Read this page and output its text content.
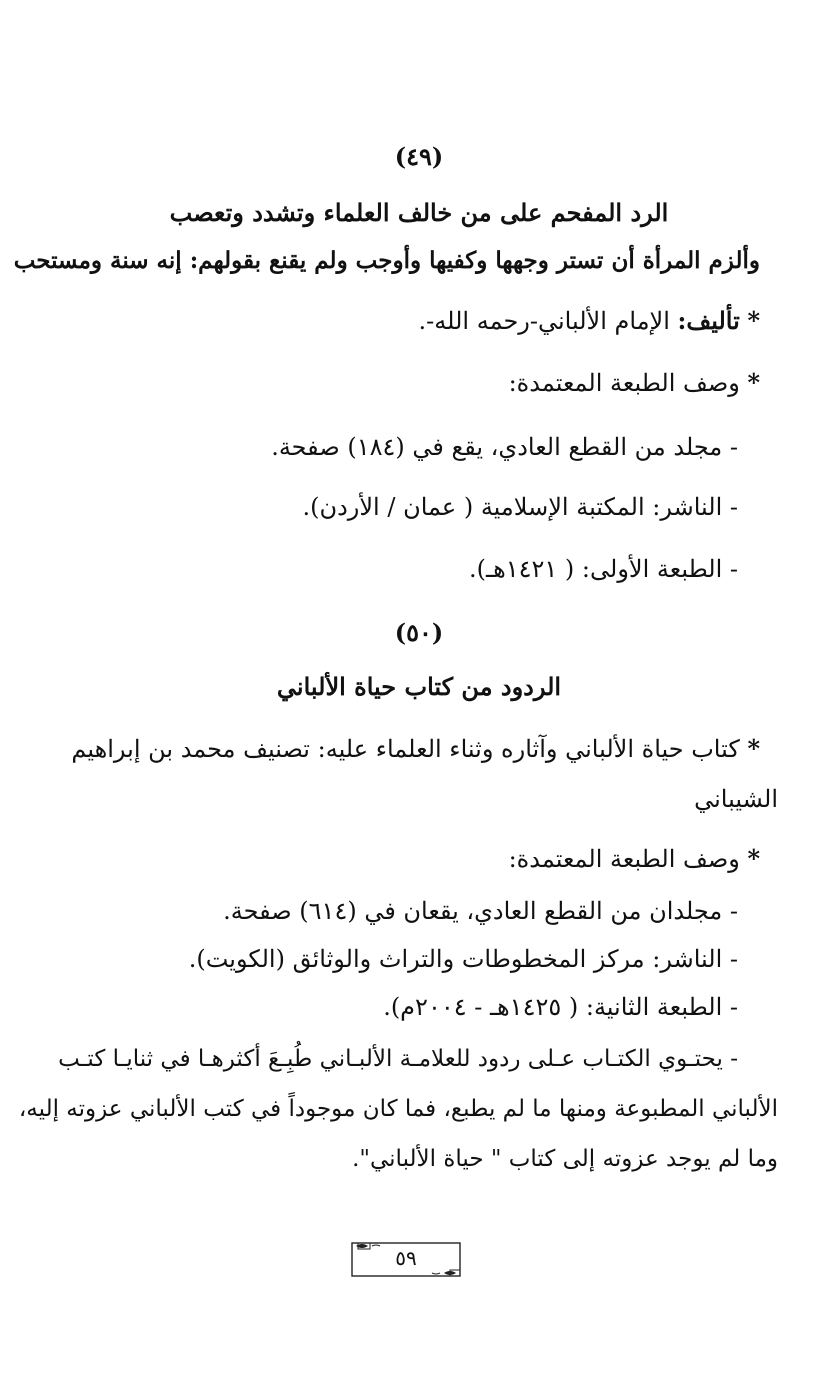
(٤٩)
الرد المفحم على من خالف العلماء وتشدد وتعصب
وألزم المرأة أن تستر وجهها وكفيها وأوجب ولم يقنع بقولهم: إنه سنة ومستحب
* تأليف: الإمام الألباني-رحمه الله-.
* وصف الطبعة المعتمدة:
- مجلد من القطع العادي، يقع في (١٨٤) صفحة.
- الناشر: المكتبة الإسلامية ( عمان / الأردن).
- الطبعة الأولى: ( ١٤٢١هـ).
(٥٠)
الردود من كتاب حياة الألباني
* كتاب حياة الألباني وآثاره وثناء العلماء عليه: تصنيف محمد بن إبراهيم
الشيباني
* وصف الطبعة المعتمدة:
- مجلدان من القطع العادي، يقعان في (٦١٤) صفحة.
- الناشر: مركز المخطوطات والتراث والوثائق (الكويت).
- الطبعة الثانية: ( ١٤٢٥هـ - ٢٠٠٤م).
- يحتـوي الكتـاب عـلى ردود للعلامـة الألبـاني طُبِـعَ أكثرهـا في ثنايـا كتـب
الألباني المطبوعة ومنها ما لم يطبع، فما كان موجوداً في كتب الألباني عزوته إليه،
وما لم يوجد عزوته إلى كتاب " حياة الألباني".
٥٩
